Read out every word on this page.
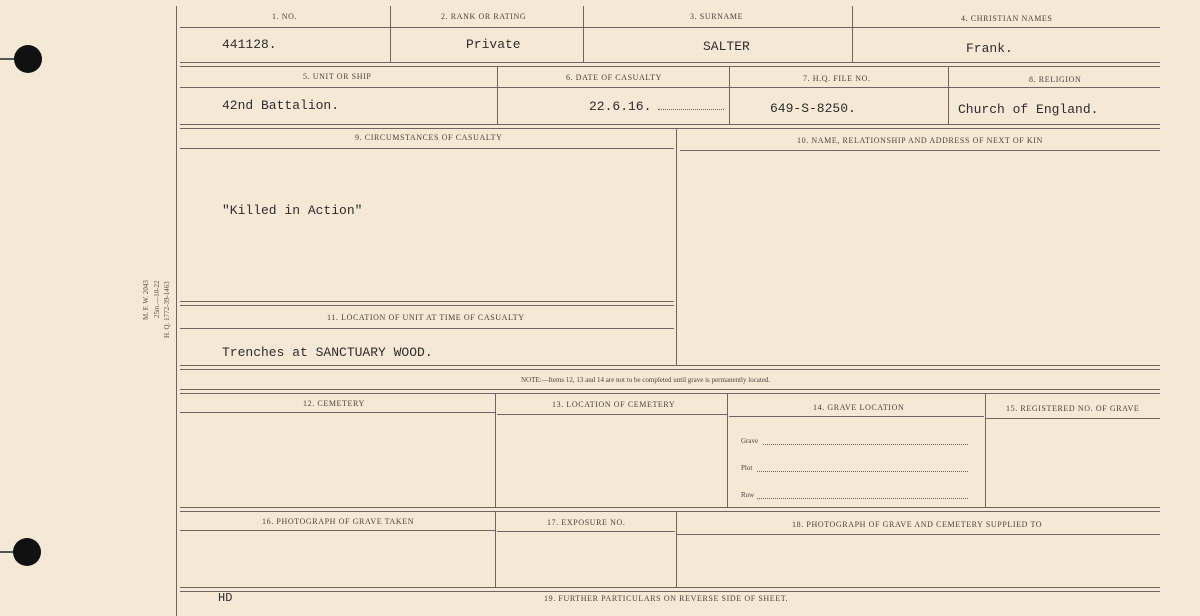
M. F. W. 2043 25m.—10-22 H. Q. 1772-39-1463
1. NO.	2. RANK OR RATING	3. SURNAME	4. CHRISTIAN NAMES
441128.	Private	SALTER	Frank.
5. UNIT OR SHIP	6. DATE OF CASUALTY	7. H.Q. FILE NO.	8. RELIGION
42nd Battalion.	22.6.16.	649-S-8250.	Church of England.
9. CIRCUMSTANCES OF CASUALTY	10. NAME, RELATIONSHIP AND ADDRESS OF NEXT OF KIN
"Killed in Action"
11. LOCATION OF UNIT AT TIME OF CASUALTY
Trenches at SANCTUARY WOOD.
NOTE:—Items 12, 13 and 14 are not to be completed until grave is permanently located.
12. CEMETERY	13. LOCATION OF CEMETERY	14. GRAVE LOCATION	15. REGISTERED NO. OF GRAVE
Grave
Plot
Row
16. PHOTOGRAPH OF GRAVE TAKEN	17. EXPOSURE NO.	18. PHOTOGRAPH OF GRAVE AND CEMETERY SUPPLIED TO
HD	19. FURTHER PARTICULARS ON REVERSE SIDE OF SHEET.
